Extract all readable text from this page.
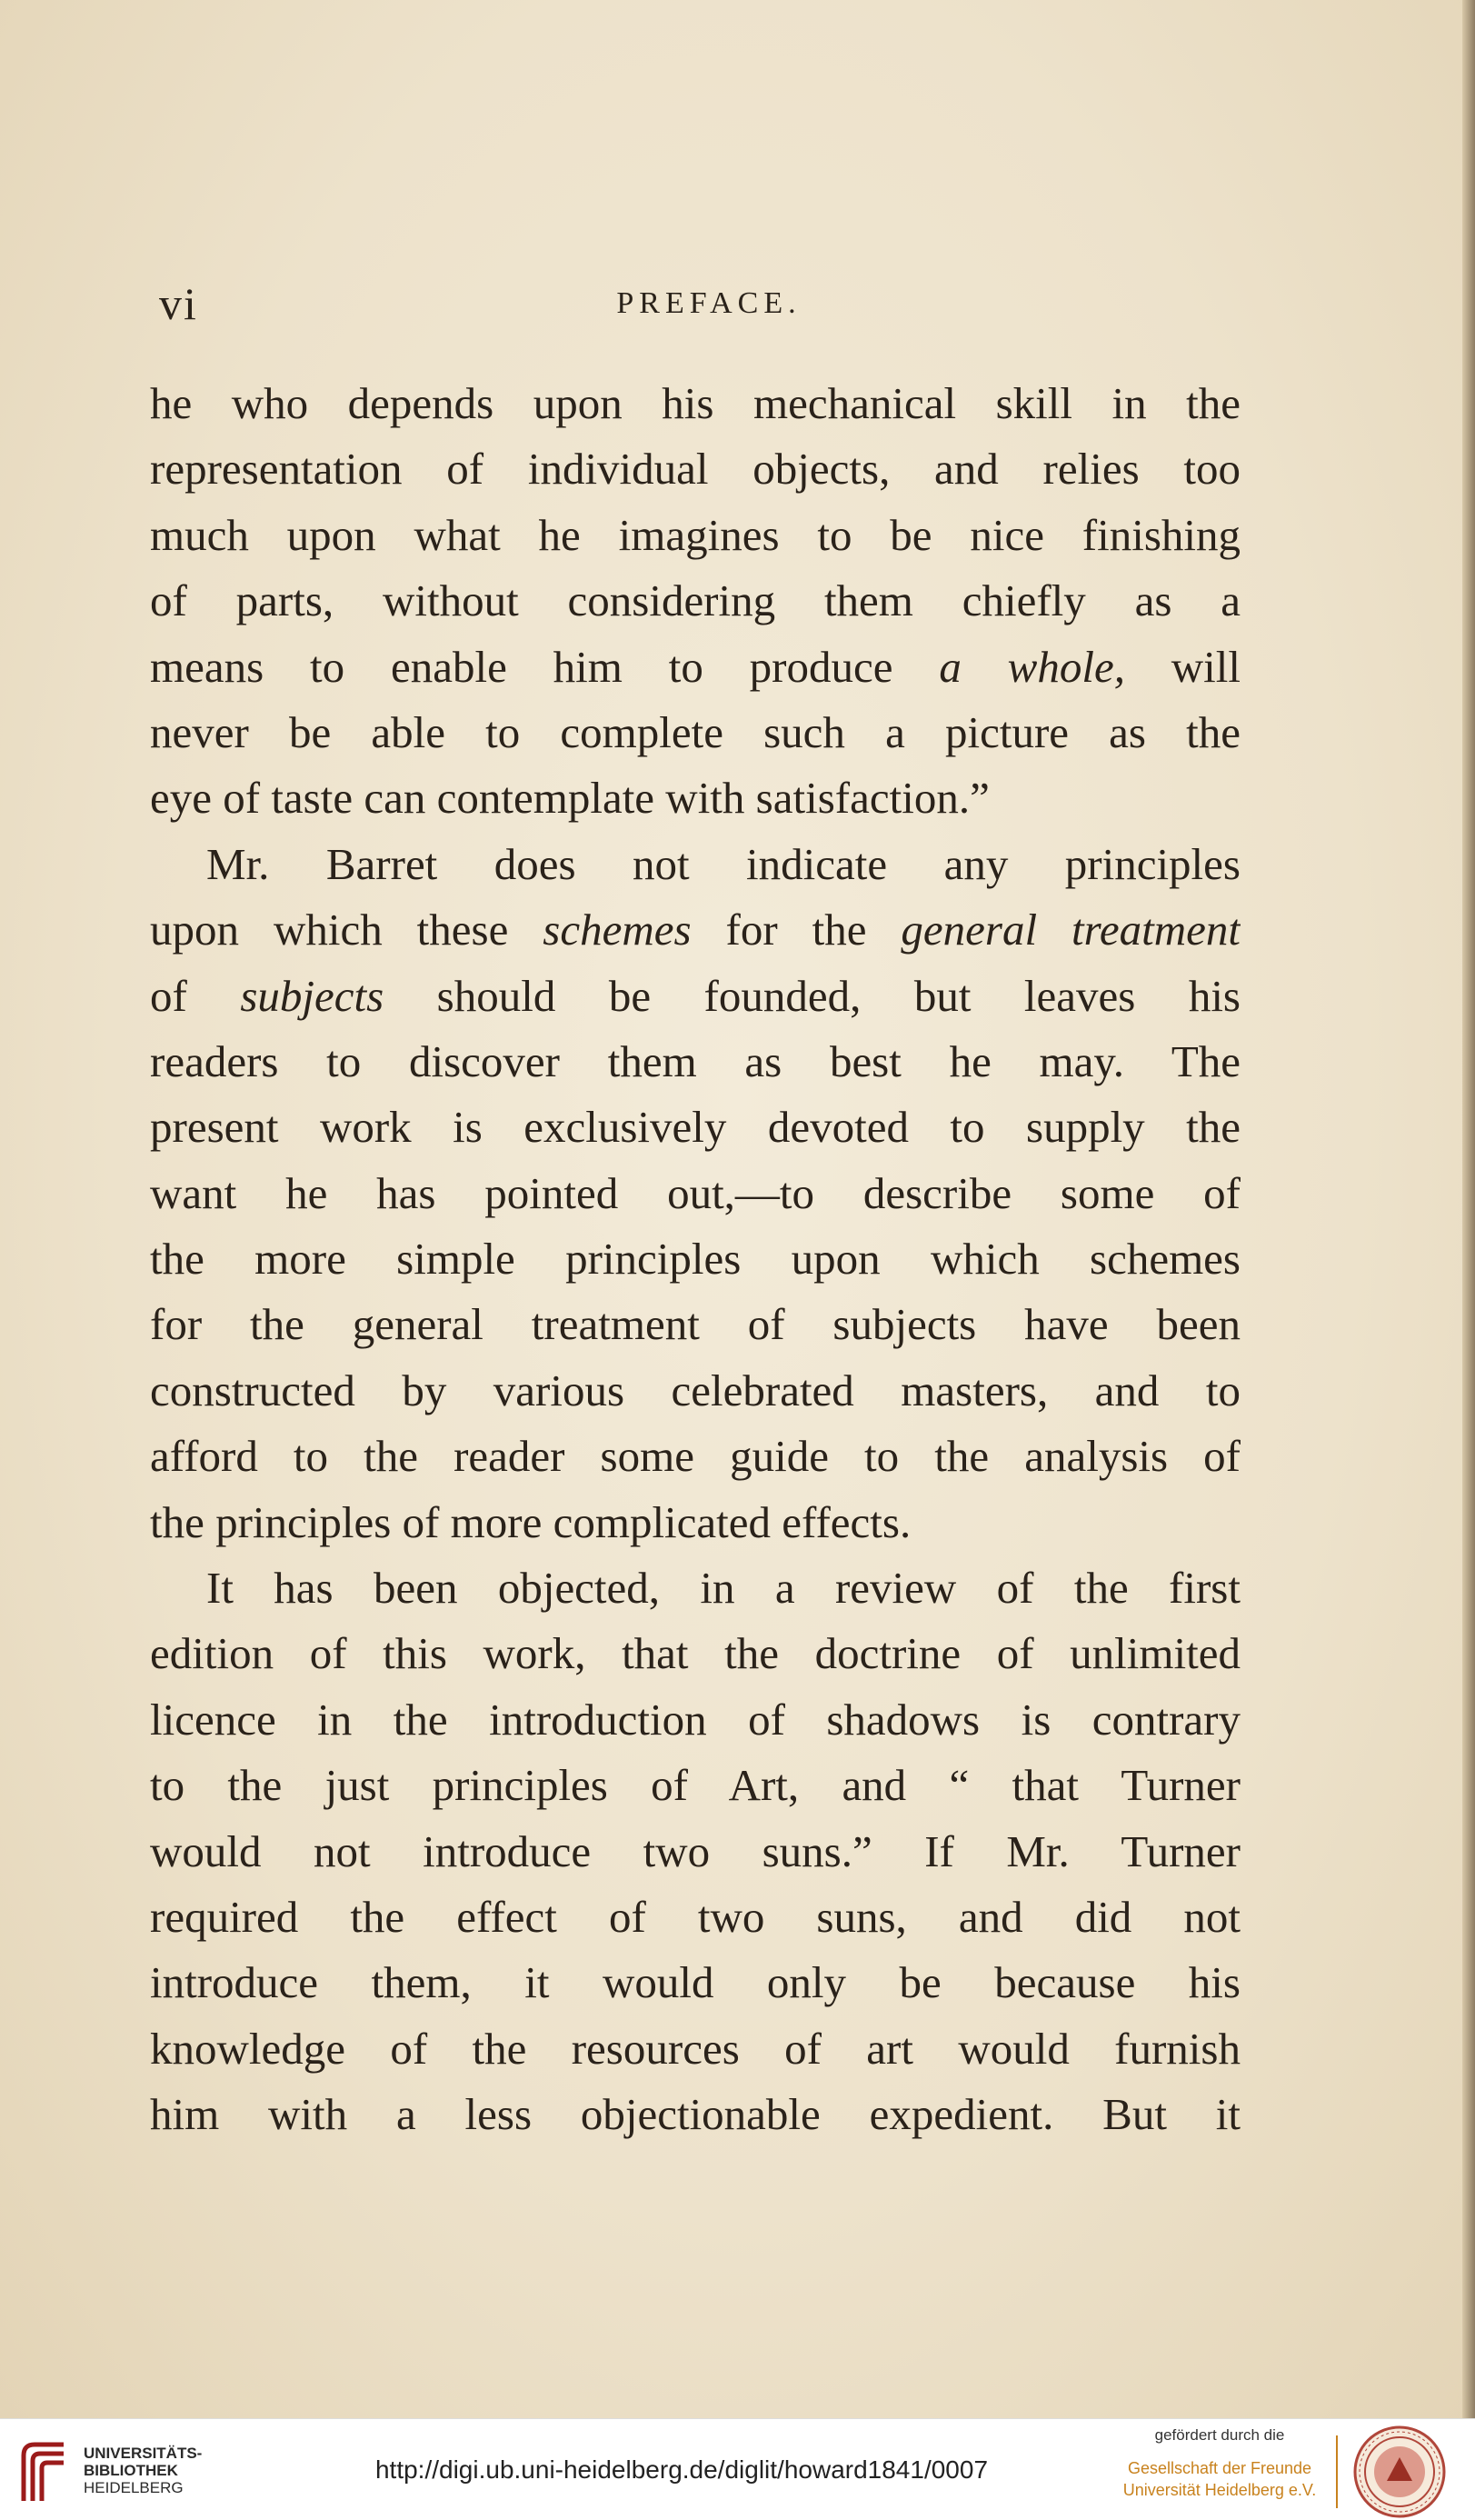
vi	PREFACE.
he who depends upon his mechanical skill in the
representation of individual objects, and relies too
much upon what he imagines to be nice finishing
of parts, without considering them chiefly as a
means to enable him to produce a whole, will
never be able to complete such a picture as the
eye of taste can contemplate with satisfaction.”
Mr. Barret does not indicate any principles
upon which these schemes for the general treatment
of subjects should be founded, but leaves his
readers to discover them as best he may. The
present work is exclusively devoted to supply the
want he has pointed out,—to describe some of
the more simple principles upon which schemes
for the general treatment of subjects have been
constructed by various celebrated masters, and to
afford to the reader some guide to the analysis of
the principles of more complicated effects.
It has been objected, in a review of the first
edition of this work, that the doctrine of unlimited
licence in the introduction of shadows is contrary
to the just principles of Art, and “ that Turner
would not introduce two suns.” If Mr. Turner
required the effect of two suns, and did not
introduce them, it would only be because his
knowledge of the resources of art would furnish
him with a less objectionable expedient. But it
UNIVERSITÄTS-
BIBLIOTHEK
HEIDELBERG
http://digi.ub.uni-heidelberg.de/diglit/howard1841/0007
gefördert durch die
Gesellschaft der Freunde
Universität Heidelberg e.V.
